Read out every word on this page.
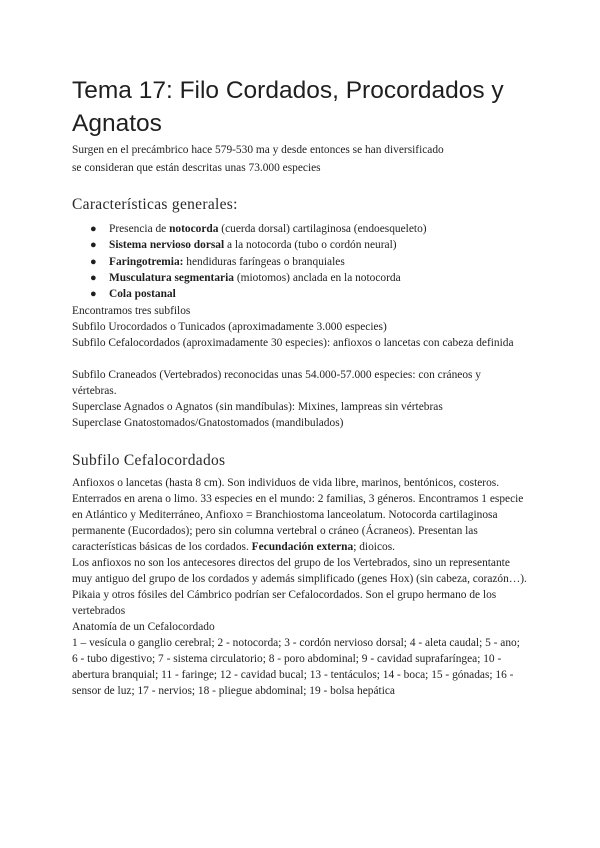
Tema 17: Filo Cordados, Procordados y Agnatos
Surgen en el precámbrico hace 579-530 ma y desde entonces se han diversificado
se consideran que están descritas unas 73.000 especies
Características generales:
● Presencia de notocorda (cuerda dorsal) cartilaginosa (endoesqueleto)
● Sistema nervioso dorsal a la notocorda (tubo o cordón neural)
● Faringotremia: hendiduras faríngeas o branquiales
● Musculatura segmentaria (miotomos) anclada en la notocorda
● Cola postanal
Encontramos tres subfilos
Subfilo Urocordados o Tunicados (aproximadamente 3.000 especies)
Subfilo Cefalocordados (aproximadamente 30 especies): anfioxos o lancetas con cabeza definida
Subfilo Craneados (Vertebrados) reconocidas unas 54.000-57.000 especies: con cráneos y vértebras.
Superclase Agnados o Agnatos (sin mandíbulas): Mixines, lampreas sin vértebras
Superclase Gnatostomados/Gnatostomados (mandibulados)
Subfilo Cefalocordados
Anfioxos o lancetas (hasta 8 cm). Son individuos de vida libre, marinos, bentónicos, costeros. Enterrados en arena o limo. 33 especies en el mundo: 2 familias, 3 géneros. Encontramos 1 especie en Atlántico y Mediterráneo, Anfioxo = Branchiostoma lanceolatum. Notocorda cartilaginosa permanente (Eucordados); pero sin columna vertebral o cráneo (Ácraneos). Presentan las características básicas de los cordados. Fecundación externa; dioicos.
Los anfioxos no son los antecesores directos del grupo de los Vertebrados, sino un representante muy antiguo del grupo de los cordados y además simplificado (genes Hox) (sin cabeza, corazón…). Pikaia y otros fósiles del Cámbrico podrían ser Cefalocordados. Son el grupo hermano de los vertebrados
Anatomía de un Cefalocordado
1 – vesícula o ganglio cerebral; 2 - notocorda; 3 - cordón nervioso dorsal; 4 - aleta caudal; 5 - ano; 6 - tubo digestivo; 7 - sistema circulatorio; 8 - poro abdominal; 9 - cavidad suprafaríngea; 10 - abertura branquial; 11 - faringe; 12 - cavidad bucal; 13 - tentáculos; 14 - boca; 15 - gónadas; 16 - sensor de luz; 17 - nervios; 18 - pliegue abdominal; 19 - bolsa hepática
